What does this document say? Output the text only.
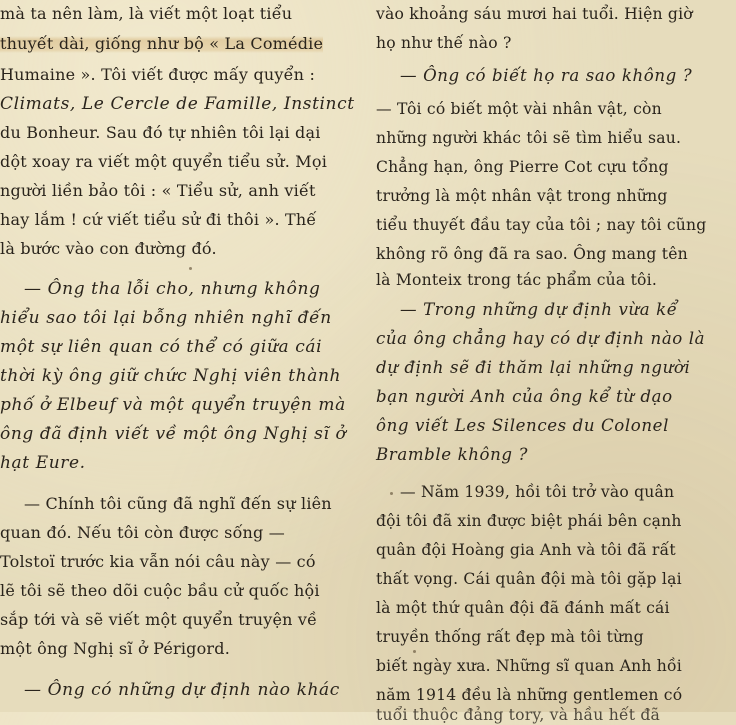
mà ta nên làm, là viết một loạt tiểu
thuyết dài, giống như bộ « La Comédie
Humaine ». Tôi viết được mấy quyển :
Climats, Le Cercle de Famille, Instinct
du Bonheur. Sau đó tự nhiên tôi lại dại
dột xoay ra viết một quyển tiểu sử. Mọi
người liền bảo tôi : « Tiểu sử, anh viết
hay lắm ! cứ viết tiểu sử đi thôi ». Thế
là bước vào con đường đó.
— Ông tha lỗi cho, nhưng không
hiểu sao tôi lại bỗng nhiên nghĩ đến
một sự liên quan có thể có giữa cái
thời kỳ ông giữ chức Nghị viên thành
phố ở Elbeuf và một quyển truyện mà
ông đã định viết về một ông Nghị sĩ ở
hạt Eure.
— Chính tôi cũng đã nghĩ đến sự liên
quan đó. Nếu tôi còn được sống —
Tolstoï trước kia vẫn nói câu này — có
lẽ tôi sẽ theo dõi cuộc bầu cử quốc hội
sắp tới và sẽ viết một quyển truyện về
một ông Nghị sĩ ở Périgord.
— Ông có những dự định nào khác
vào khoảng sáu mươi hai tuổi. Hiện giờ
họ như thế nào ?
— Ông có biết họ ra sao không ?
— Tôi có biết một vài nhân vật, còn
những người khác tôi sẽ tìm hiểu sau.
Chẳng hạn, ông Pierre Cot cựu tổng
trưởng là một nhân vật trong những
tiểu thuyết đầu tay của tôi ; nay tôi cũng
không rõ ông đã ra sao. Ông mang tên
là Monteix trong tác phẩm của tôi.
— Trong những dự định vừa kể
của ông chẳng hay có dự định nào là
dự định sẽ đi thăm lại những người
bạn người Anh của ông kể từ dạo
ông viết Les Silences du Colonel
Bramble không ?
— Năm 1939, hồi tôi trở vào quân
đội tôi đã xin được biệt phái bên cạnh
quân đội Hoàng gia Anh và tôi đã rất
thất vọng. Cái quân đội mà tôi gặp lại
là một thứ quân đội đã đánh mất cái
truyền thống rất đẹp mà tôi từng
biết ngày xưa. Những sĩ quan Anh hồi
năm 1914 đều là những gentlemen có
tuổi thuộc đảng tory, và hầu hết đã
